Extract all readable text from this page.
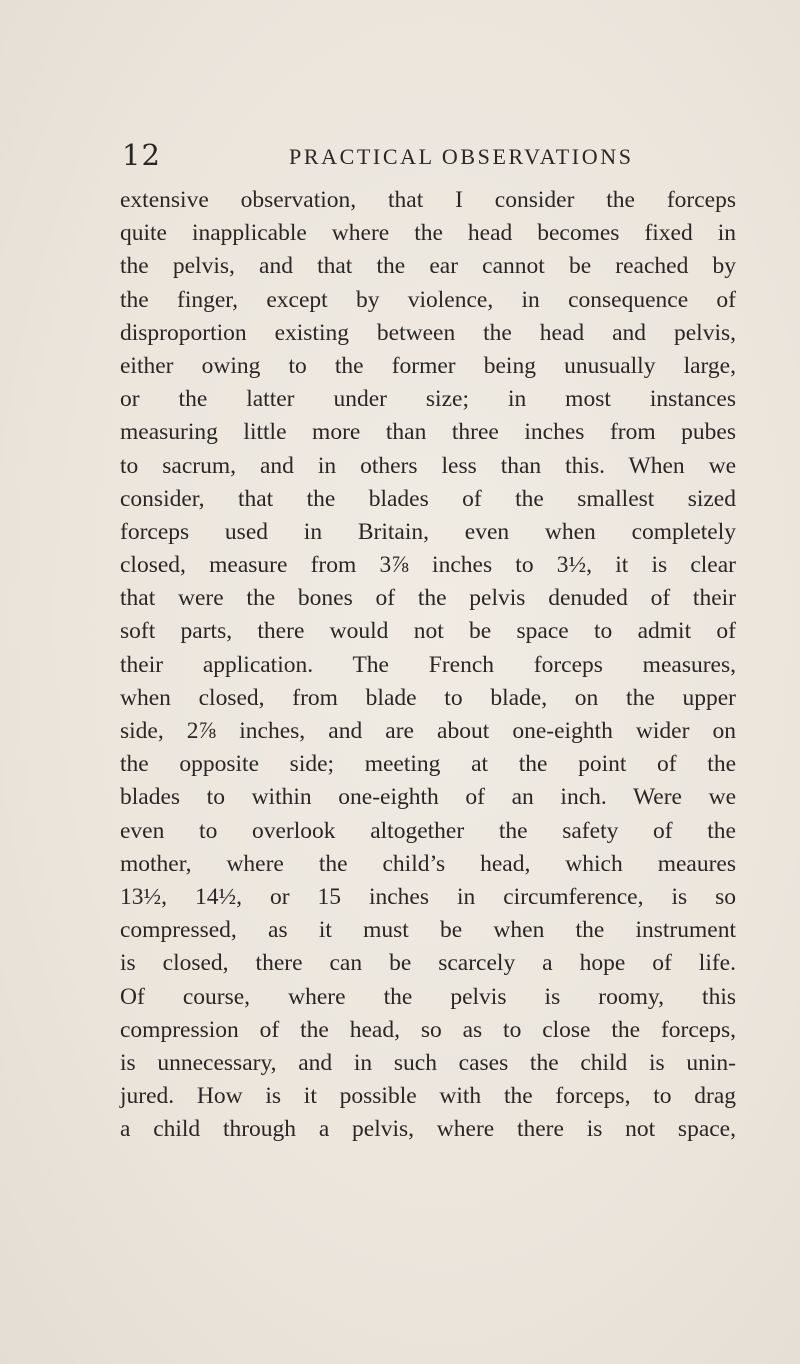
12	PRACTICAL OBSERVATIONS
extensive observation, that I consider the forceps
quite inapplicable where the head becomes fixed in
the pelvis, and that the ear cannot be reached by
the finger, except by violence, in consequence of
disproportion existing between the head and pelvis,
either owing to the former being unusually large,
or the latter under size; in most instances
measuring little more than three inches from pubes
to sacrum, and in others less than this. When we
consider, that the blades of the smallest sized
forceps used in Britain, even when completely
closed, measure from 3⅞ inches to 3½, it is clear
that were the bones of the pelvis denuded of their
soft parts, there would not be space to admit of
their application. The French forceps measures,
when closed, from blade to blade, on the upper
side, 2⅞ inches, and are about one-eighth wider on
the opposite side; meeting at the point of the
blades to within one-eighth of an inch. Were we
even to overlook altogether the safety of the
mother, where the child’s head, which meaures
13½, 14½, or 15 inches in circumference, is so
compressed, as it must be when the instrument
is closed, there can be scarcely a hope of life.
Of course, where the pelvis is roomy, this
compression of the head, so as to close the forceps,
is unnecessary, and in such cases the child is unin-
jured. How is it possible with the forceps, to drag
a child through a pelvis, where there is not space,
